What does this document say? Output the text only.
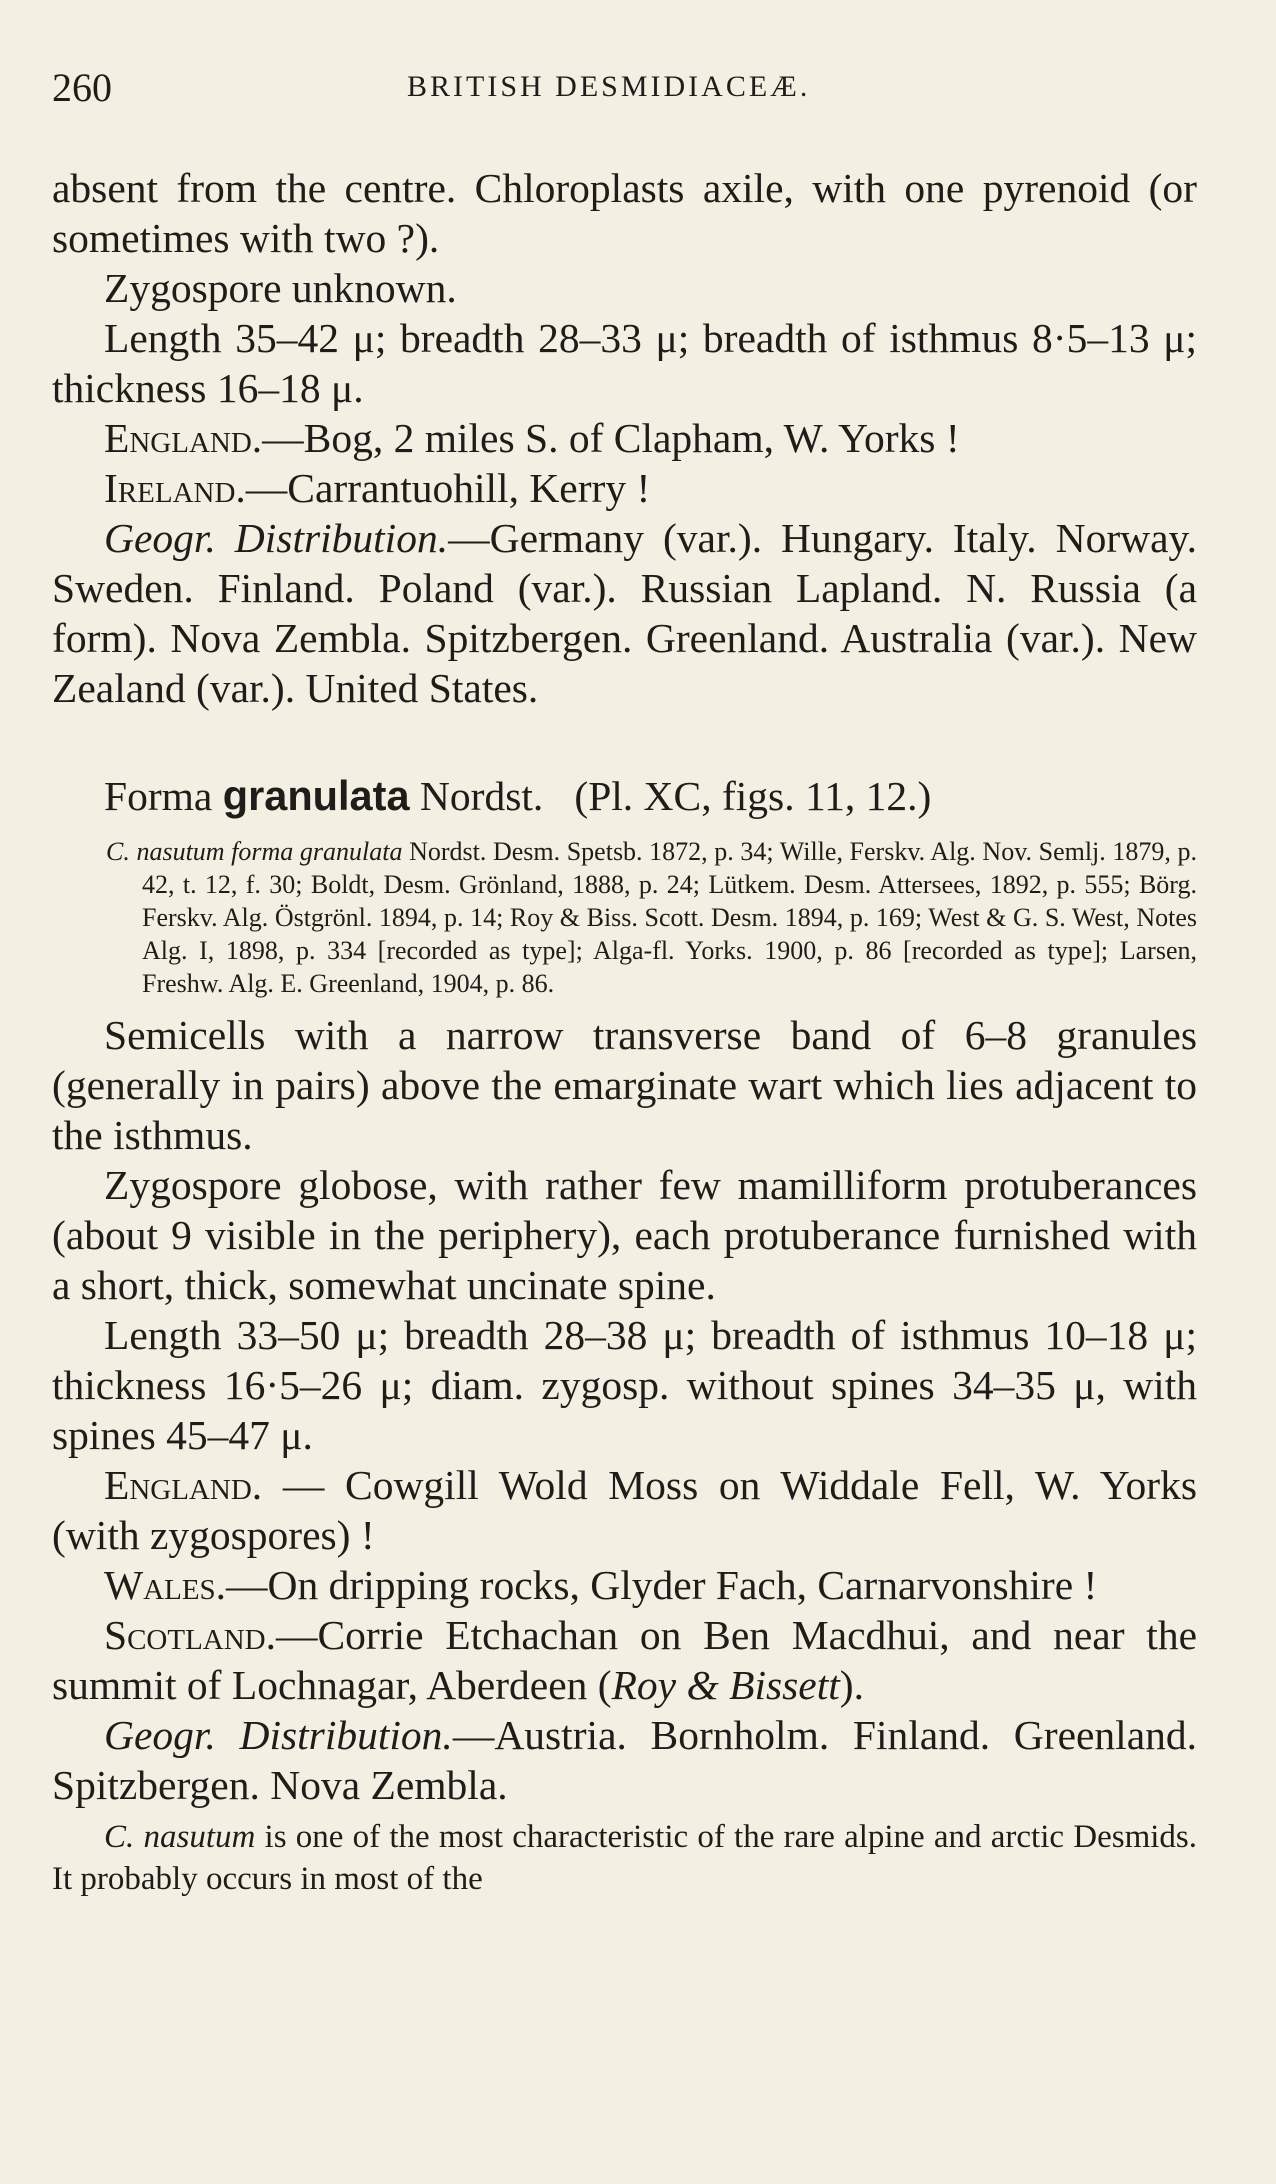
260	BRITISH DESMIDIACEÆ.

absent from the centre. Chloroplasts axile, with one pyrenoid (or sometimes with two ?).

Zygospore unknown.

Length 35–42 μ; breadth 28–33 μ; breadth of isthmus 8·5–13 μ; thickness 16–18 μ.

England.—Bog, 2 miles S. of Clapham, W. Yorks !

Ireland.—Carrantuohill, Kerry !

Geogr. Distribution.—Germany (var.). Hungary. Italy. Norway. Sweden. Finland. Poland (var.). Russian Lapland. N. Russia (a form). Nova Zembla. Spitzbergen. Greenland. Australia (var.). New Zealand (var.). United States.

Forma granulata Nordst.   (Pl. XC, figs. 11, 12.)

C. nasutum forma granulata Nordst. Desm. Spetsb. 1872, p. 34; Wille, Ferskv. Alg. Nov. Semlj. 1879, p. 42, t. 12, f. 30; Boldt, Desm. Grönland, 1888, p. 24; Lütkem. Desm. Attersees, 1892, p. 555; Börg. Ferskv. Alg. Östgrönl. 1894, p. 14; Roy & Biss. Scott. Desm. 1894, p. 169; West & G. S. West, Notes Alg. I, 1898, p. 334 [recorded as type]; Alga-fl. Yorks. 1900, p. 86 [recorded as type]; Larsen, Freshw. Alg. E. Greenland, 1904, p. 86.

Semicells with a narrow transverse band of 6–8 granules (generally in pairs) above the emarginate wart which lies adjacent to the isthmus.

Zygospore globose, with rather few mamilliform protuberances (about 9 visible in the periphery), each protuberance furnished with a short, thick, somewhat uncinate spine.

Length 33–50 μ; breadth 28–38 μ; breadth of isthmus 10–18 μ; thickness 16·5–26 μ; diam. zygosp. without spines 34–35 μ, with spines 45–47 μ.

England. — Cowgill Wold Moss on Widdale Fell, W. Yorks (with zygospores) !

Wales.—On dripping rocks, Glyder Fach, Carnarvonshire !

Scotland.—Corrie Etchachan on Ben Macdhui, and near the summit of Lochnagar, Aberdeen (Roy & Bissett).

Geogr. Distribution.—Austria. Bornholm. Finland. Greenland. Spitzbergen. Nova Zembla.

C. nasutum is one of the most characteristic of the rare alpine and arctic Desmids. It probably occurs in most of the
